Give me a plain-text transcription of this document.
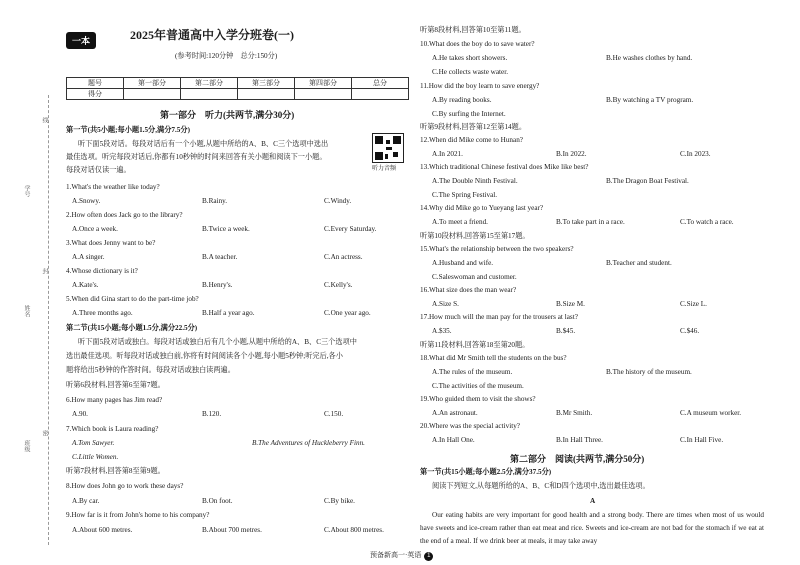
一本	2025年普通高中入学分班卷(一)
(参考时间:120分钟　总分:150分)
题号	第一部分	第二部分	第三部分	第四部分	总分
得分					
线
学号
封
姓名
密
班级
第一部分　听力(共两节,满分30分)
第一节(共5小题;每小题1.5分,满分7.5分)
听下面5段对话。每段对话后有一个小题,从题中所给的A、B、C三个选项中选出
最佳选项。听完每段对话后,你都有10秒钟的时间来回答有关小题和阅读下一小题。
每段对话仅读一遍。	听力音频
1.What's the weather like today?
A.Snowy.	B.Rainy.	C.Windy.
2.How often does Jack go to the library?
A.Once a week.	B.Twice a week.	C.Every Saturday.
3.What does Jenny want to be?
A.A singer.	B.A teacher.	C.An actress.
4.Whose dictionary is it?
A.Kate's.	B.Henry's.	C.Kelly's.
5.When did Gina start to do the part-time job?
A.Three months ago.	B.Half a year ago.	C.One year ago.
第二节(共15小题;每小题1.5分,满分22.5分)
听下面5段对话或独白。每段对话或独白后有几个小题,从题中所给的A、B、C三个选项中
选出最佳选项。听每段对话或独白前,你将有时间阅读各个小题,每小题5秒钟;听完后,各小
题将给出5秒钟的作答时间。每段对话或独白读两遍。
听第6段材料,回答第6至第7题。
6.How many pages has Jim read?
A.90.	B.120.	C.150.
7.Which book is Laura reading?
A.Tom Sawyer.	B.The Adventures of Huckleberry Finn.
C.Little Women.
听第7段材料,回答第8至第9题。
8.How does John go to work these days?
A.By car.	B.On foot.	C.By bike.
9.How far is it from John's home to his company?
A.About 600 metres.	B.About 700 metres.	C.About 800 metres.
听第8段材料,回答第10至第11题。
10.What does the boy do to save water?
A.He takes short showers.	B.He washes clothes by hand.
C.He collects waste water.
11.How did the boy learn to save energy?
A.By reading books.	B.By watching a TV program.
C.By surfing the Internet.
听第9段材料,回答第12至第14题。
12.When did Mike come to Hunan?
A.In 2021.	B.In 2022.	C.In 2023.
13.Which traditional Chinese festival does Mike like best?
A.The Double Ninth Festival.	B.The Dragon Boat Festival.
C.The Spring Festival.
14.Why did Mike go to Yueyang last year?
A.To meet a friend.	B.To take part in a race.	C.To watch a race.
听第10段材料,回答第15至第17题。
15.What's the relationship between the two speakers?
A.Husband and wife.	B.Teacher and student.
C.Saleswoman and customer.
16.What size does the man wear?
A.Size S.	B.Size M.	C.Size L.
17.How much will the man pay for the trousers at last?
A.$35.	B.$45.	C.$46.
听第11段材料,回答第18至第20题。
18.What did Mr Smith tell the students on the bus?
A.The rules of the museum.	B.The history of the museum.
C.The activities of the museum.
19.Who guided them to visit the shows?
A.An astronaut.	B.Mr Smith.	C.A museum worker.
20.Where was the special activity?
A.In Hall One.	B.In Hall Three.	C.In Hall Five.
第二部分　阅读(共两节,满分50分)
第一节(共15小题;每小题2.5分,满分37.5分)
阅读下列短文,从每题所给的A、B、C和D四个选项中,选出最佳选项。
A
Our eating habits are very important for good health and a strong body. There are times when most of us would have sweets and ice-cream rather than eat meat and rice. Sweets and ice-cream are not bad for the stomach if we eat at the end of a meal. If we drink beer at meals, it may take away
预备新高一·英语 1
